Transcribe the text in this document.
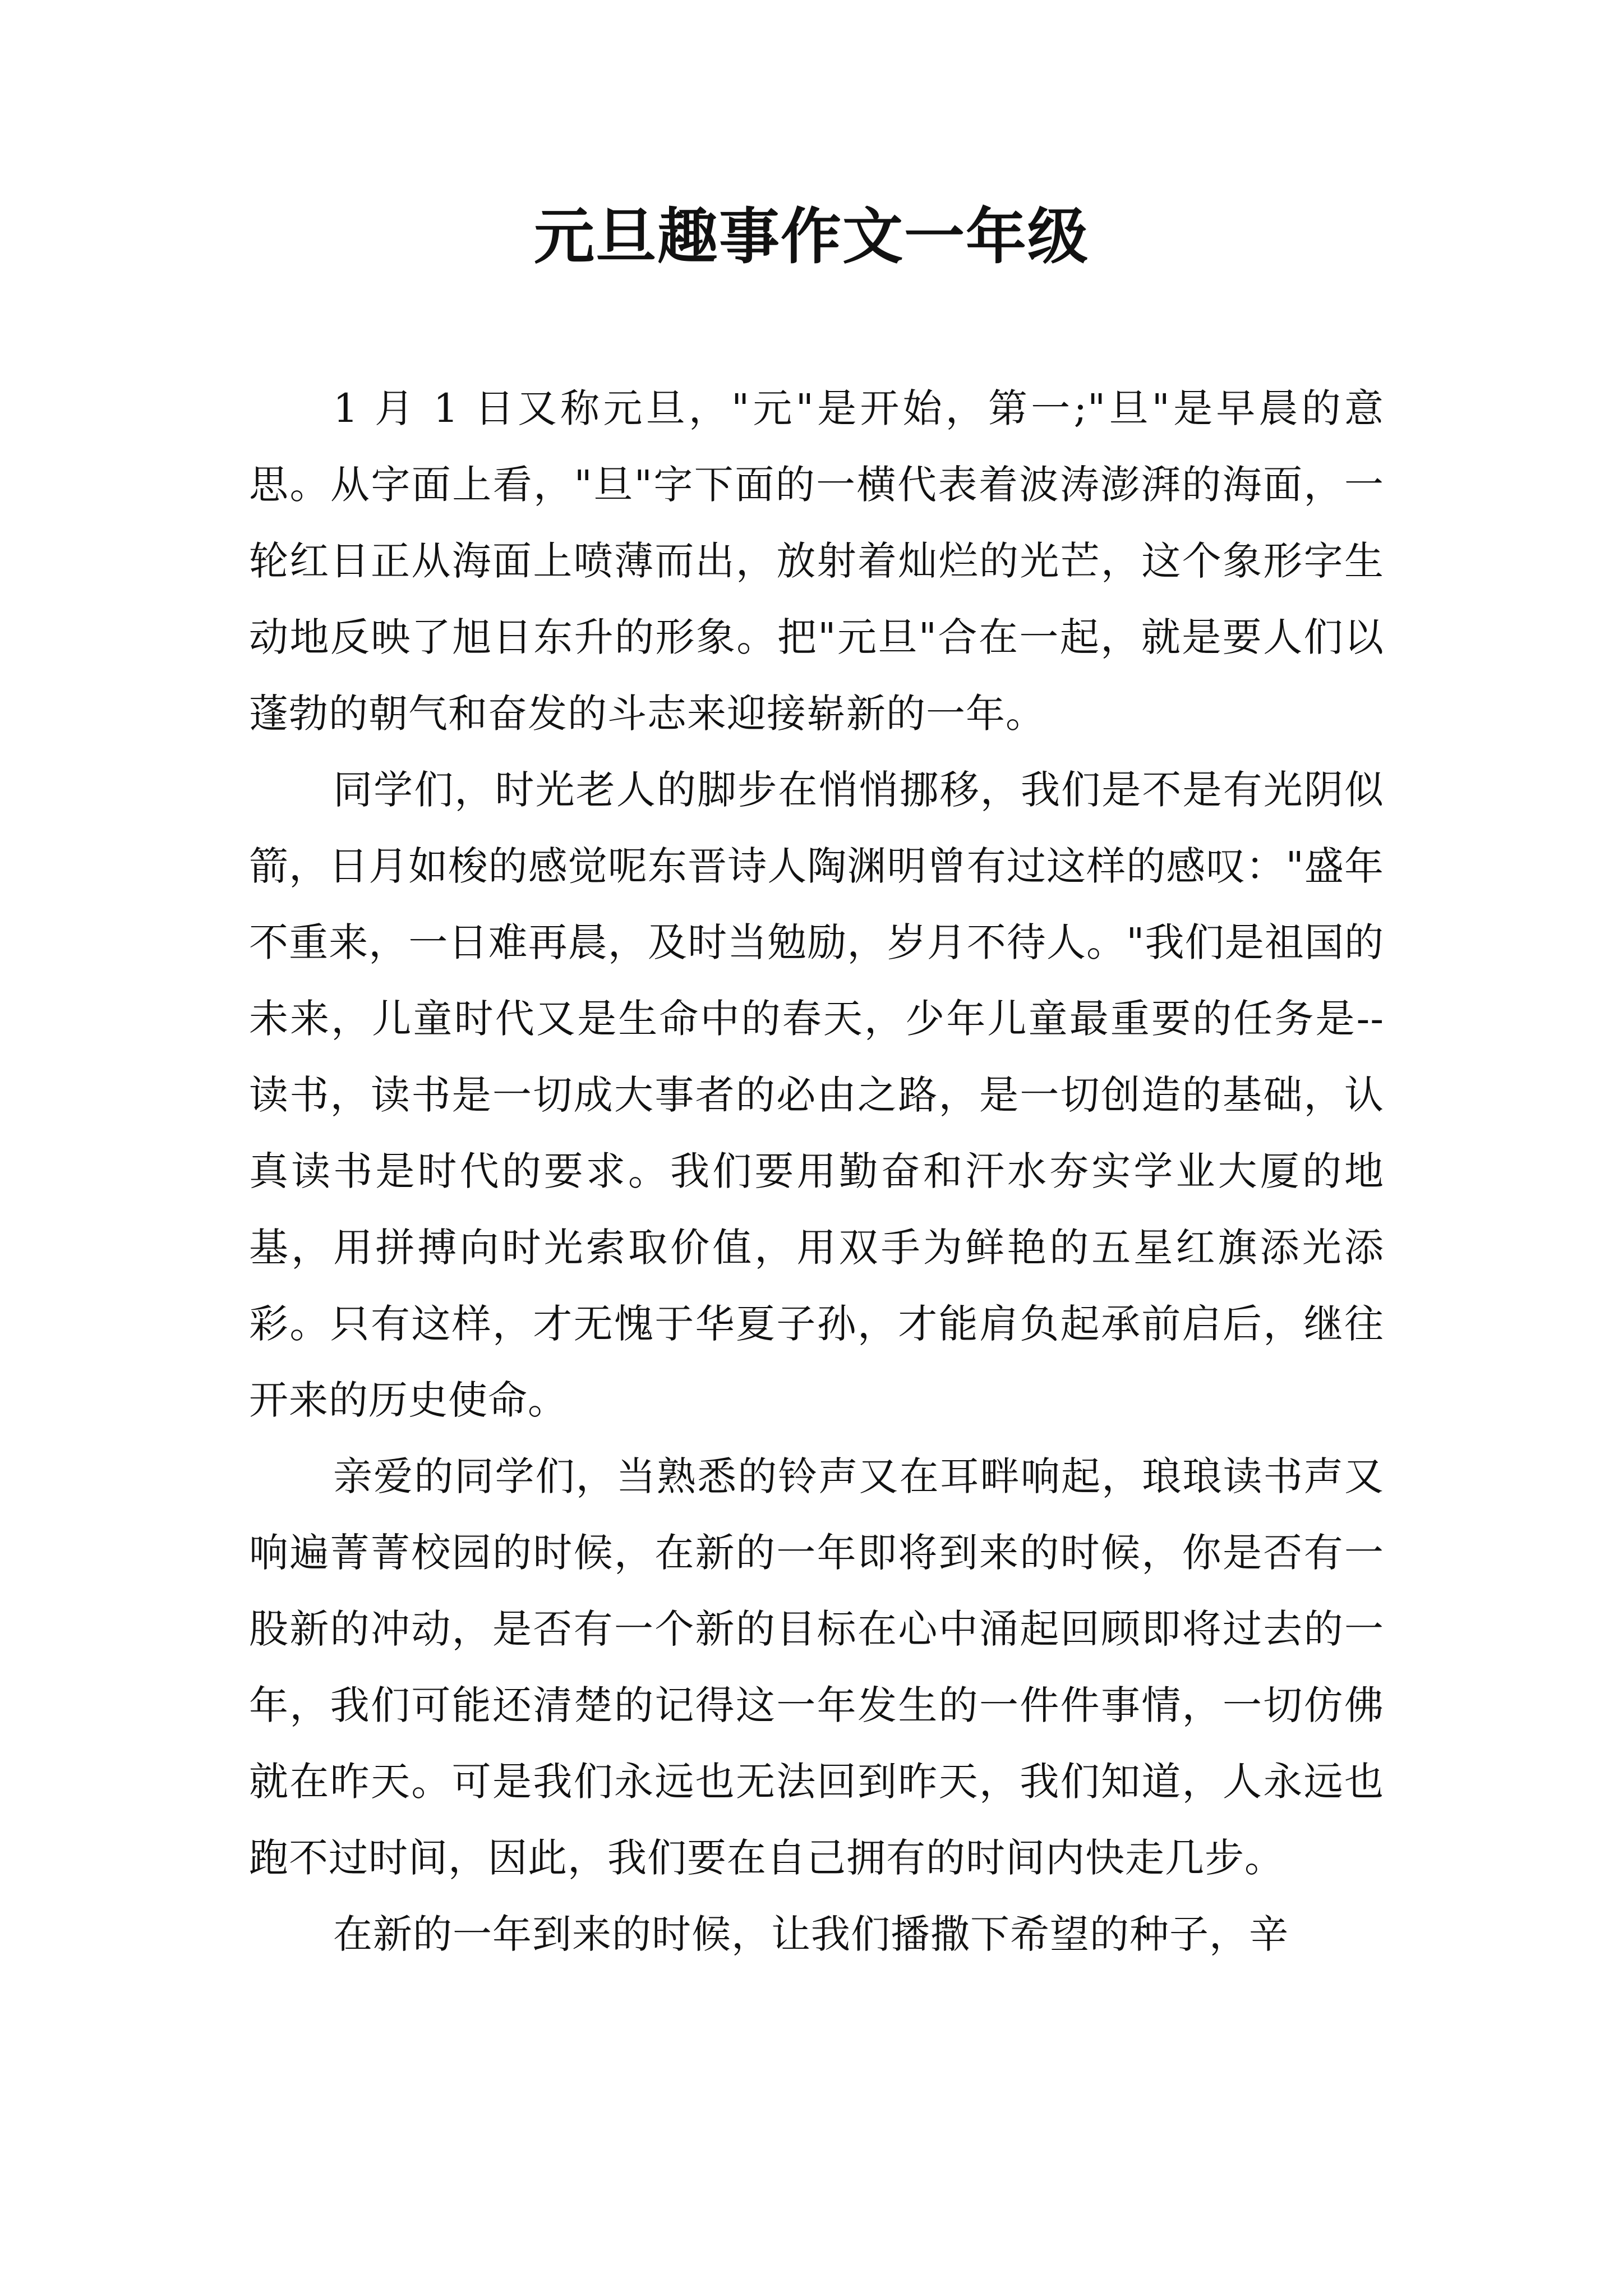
元旦趣事作文一年级

1 月 1 日又称元旦，"元"是开始，第一;"旦"是早晨的意思。从字面上看，"旦"字下面的一横代表着波涛澎湃的海面，一轮红日正从海面上喷薄而出，放射着灿烂的光芒，这个象形字生动地反映了旭日东升的形象。把"元旦"合在一起，就是要人们以蓬勃的朝气和奋发的斗志来迎接崭新的一年。

同学们，时光老人的脚步在悄悄挪移，我们是不是有光阴似箭，日月如梭的感觉呢东晋诗人陶渊明曾有过这样的感叹："盛年不重来，一日难再晨，及时当勉励，岁月不待人。"我们是祖国的未来，儿童时代又是生命中的春天，少年儿童最重要的任务是--读书，读书是一切成大事者的必由之路，是一切创造的基础，认真读书是时代的要求。我们要用勤奋和汗水夯实学业大厦的地基，用拼搏向时光索取价值，用双手为鲜艳的五星红旗添光添彩。只有这样，才无愧于华夏子孙，才能肩负起承前启后，继往开来的历史使命。

亲爱的同学们，当熟悉的铃声又在耳畔响起，琅琅读书声又响遍菁菁校园的时候，在新的一年即将到来的时候，你是否有一股新的冲动，是否有一个新的目标在心中涌起回顾即将过去的一年，我们可能还清楚的记得这一年发生的一件件事情，一切仿佛就在昨天。可是我们永远也无法回到昨天，我们知道，人永远也跑不过时间，因此，我们要在自己拥有的时间内快走几步。

在新的一年到来的时候，让我们播撒下希望的种子，辛
